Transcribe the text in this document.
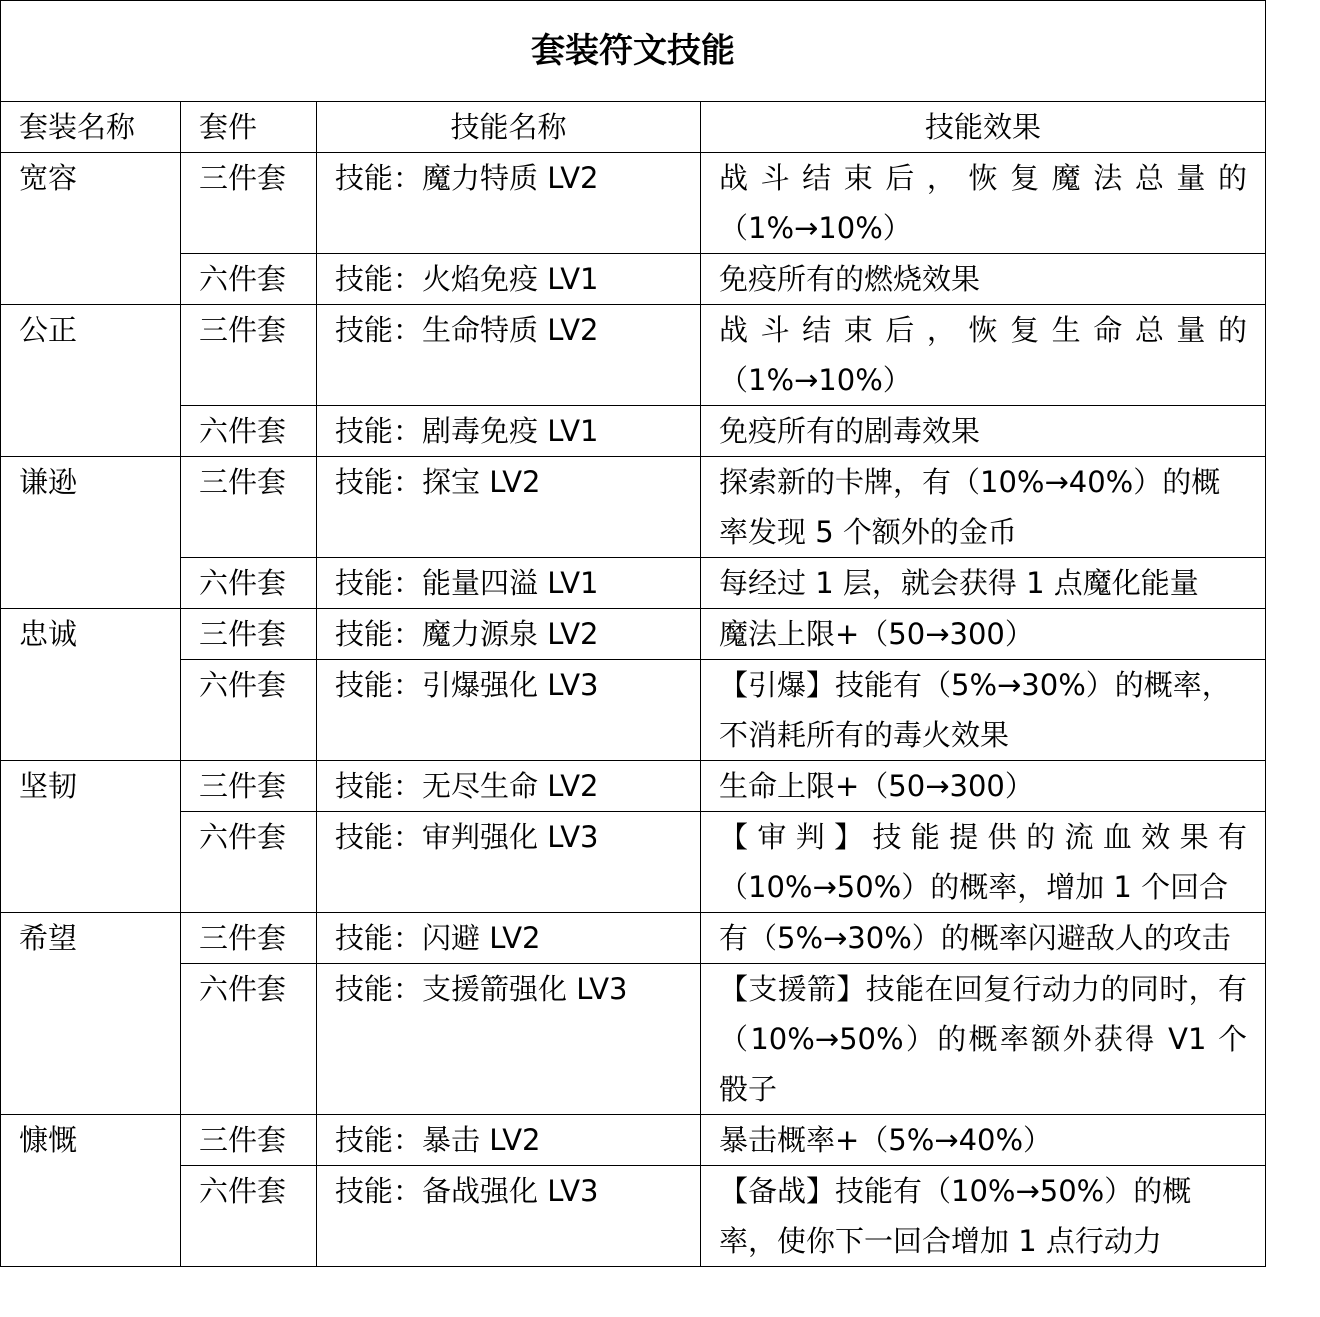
套装符文技能			
套装名称	套件	技能名称	技能效果
宽容	三件套	技能：魔力特质 LV2	战斗结束后，恢复魔法总量的（1%→10%）
	六件套	技能：火焰免疫 LV1	免疫所有的燃烧效果
公正	三件套	技能：生命特质 LV2	战斗结束后，恢复生命总量的（1%→10%）
	六件套	技能：剧毒免疫 LV1	免疫所有的剧毒效果
谦逊	三件套	技能：探宝 LV2	探索新的卡牌，有（10%→40%）的概率发现 5 个额外的金币
	六件套	技能：能量四溢 LV1	每经过 1 层，就会获得 1 点魔化能量
忠诚	三件套	技能：魔力源泉 LV2	魔法上限+（50→300）
	六件套	技能：引爆强化 LV3	【引爆】技能有（5%→30%）的概率，不消耗所有的毒火效果
坚韧	三件套	技能：无尽生命 LV2	生命上限+（50→300）
	六件套	技能：审判强化 LV3	【审判】技能提供的流血效果有（10%→50%）的概率，增加 1 个回合
希望	三件套	技能：闪避 LV2	有（5%→30%）的概率闪避敌人的攻击
	六件套	技能：支援箭强化 LV3	【支援箭】技能在回复行动力的同时，有（10%→50%）的概率额外获得 V1 个骰子
慷慨	三件套	技能：暴击 LV2	暴击概率+（5%→40%）
	六件套	技能：备战强化 LV3	【备战】技能有（10%→50%）的概率，使你下一回合增加 1 点行动力
